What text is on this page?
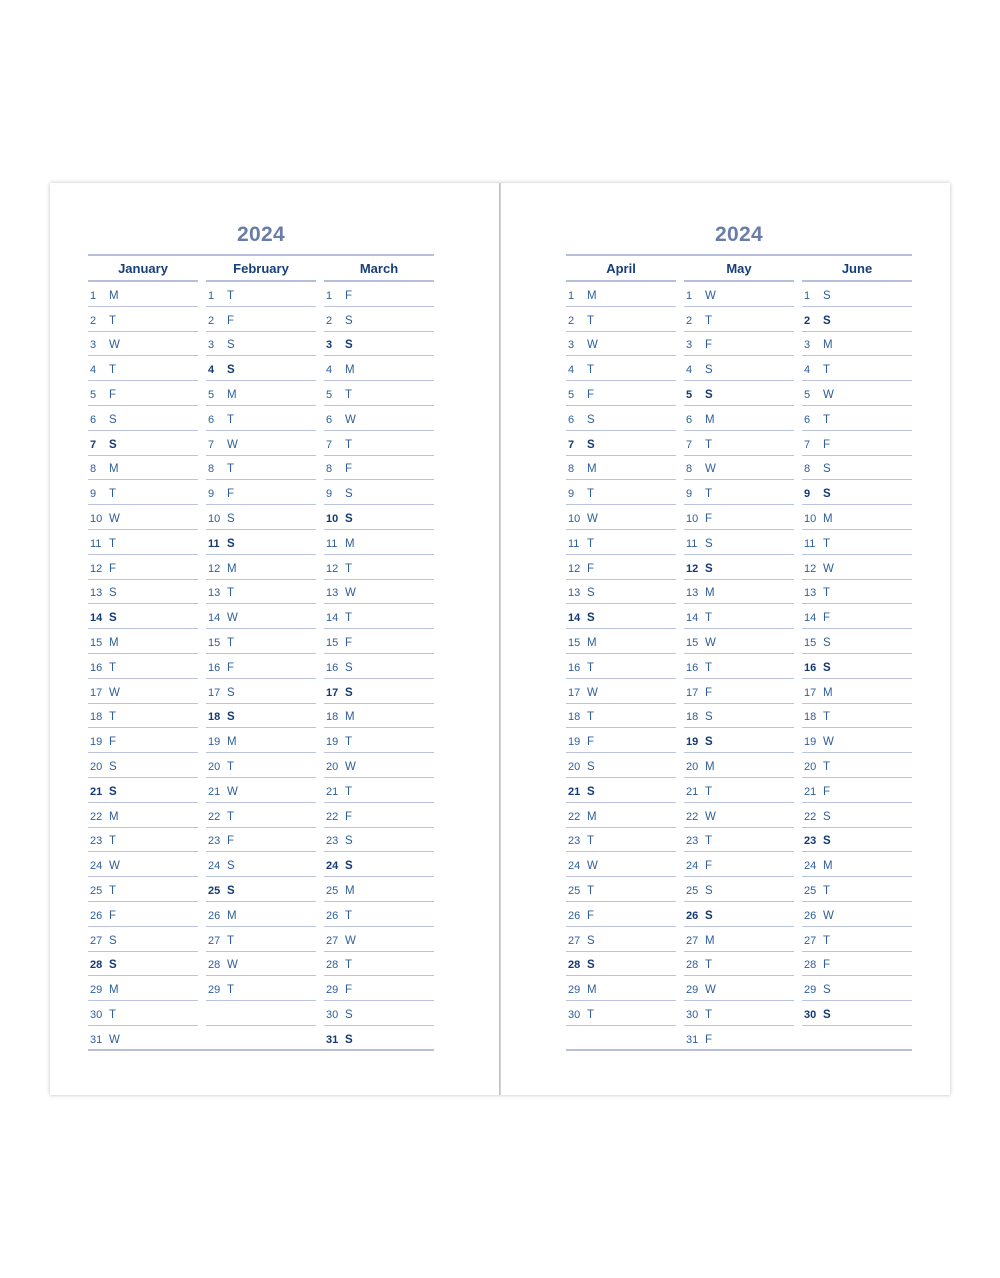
2024
January
1 M
2 T
3 W
4 T
5 F
6 S
7 S
8 M
9 T
10 W
11 T
12 F
13 S
14 S
15 M
16 T
17 W
18 T
19 F
20 S
21 S
22 M
23 T
24 W
25 T
26 F
27 S
28 S
29 M
30 T
31 W
February
1 T
2 F
3 S
4 S
5 M
6 T
7 W
8 T
9 F
10 S
11 S
12 M
13 T
14 W
15 T
16 F
17 S
18 S
19 M
20 T
21 W
22 T
23 F
24 S
25 S
26 M
27 T
28 W
29 T
March
1 F
2 S
3 S
4 M
5 T
6 W
7 T
8 F
9 S
10 S
11 M
12 T
13 W
14 T
15 F
16 S
17 S
18 M
19 T
20 W
21 T
22 F
23 S
24 S
25 M
26 T
27 W
28 T
29 F
30 S
31 S
2024
April
1 M
2 T
3 W
4 T
5 F
6 S
7 S
8 M
9 T
10 W
11 T
12 F
13 S
14 S
15 M
16 T
17 W
18 T
19 F
20 S
21 S
22 M
23 T
24 W
25 T
26 F
27 S
28 S
29 M
30 T
May
1 W
2 T
3 F
4 S
5 S
6 M
7 T
8 W
9 T
10 F
11 S
12 S
13 M
14 T
15 W
16 T
17 F
18 S
19 S
20 M
21 T
22 W
23 T
24 F
25 S
26 S
27 M
28 T
29 W
30 T
31 F
June
1 S
2 S
3 M
4 T
5 W
6 T
7 F
8 S
9 S
10 M
11 T
12 W
13 T
14 F
15 S
16 S
17 M
18 T
19 W
20 T
21 F
22 S
23 S
24 M
25 T
26 W
27 T
28 F
29 S
30 S
